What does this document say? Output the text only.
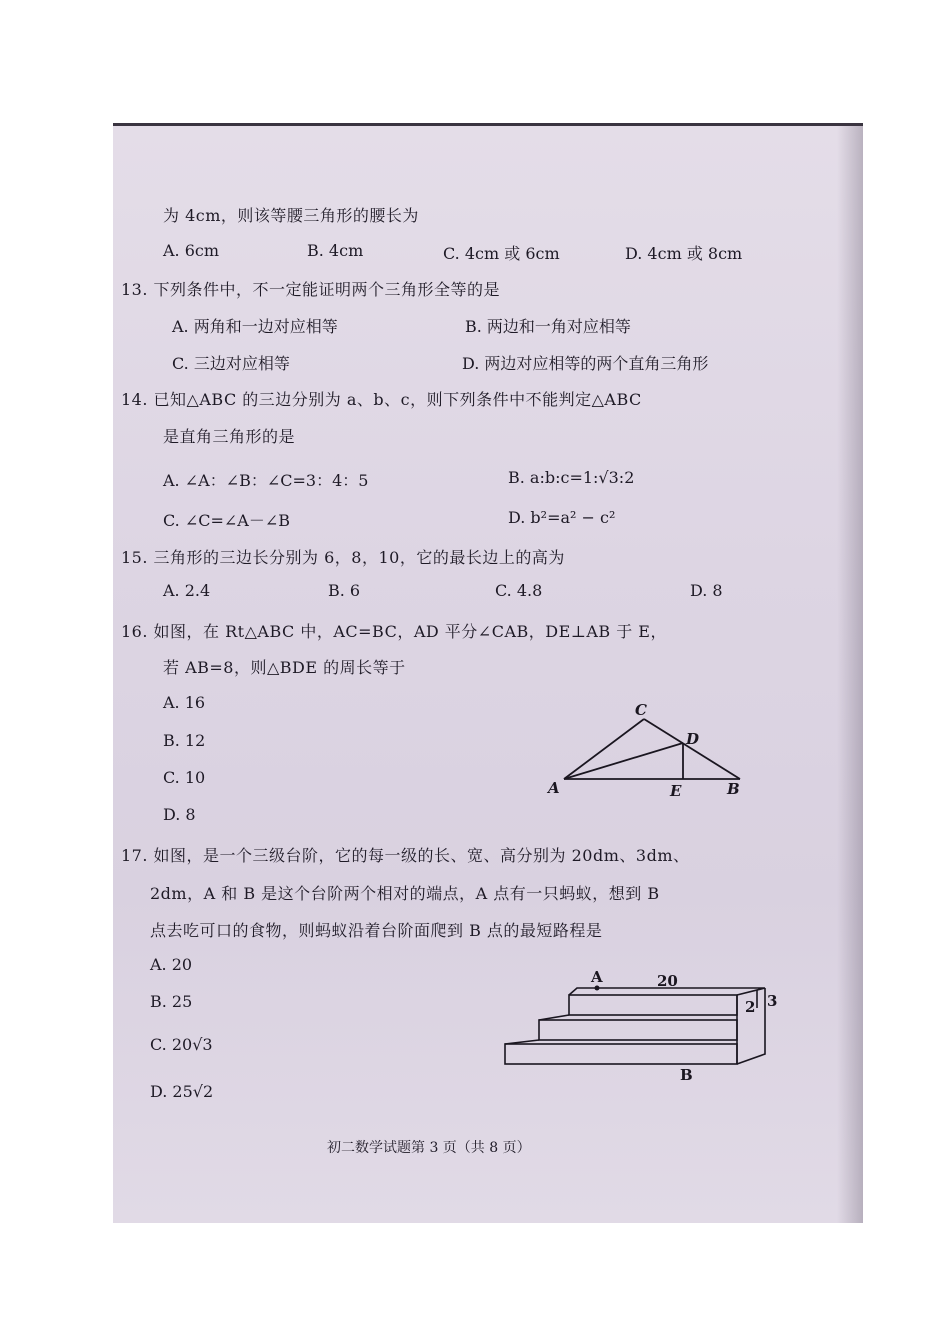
为 4cm，则该等腰三角形的腰长为
A. 6cm	B. 4cm	C. 4cm 或 6cm	D. 4cm 或 8cm
13. 下列条件中，不一定能证明两个三角形全等的是
A. 两角和一边对应相等	B. 两边和一角对应相等
C. 三边对应相等	D. 两边对应相等的两个直角三角形
14. 已知△ABC 的三边分别为 a、b、c，则下列条件中不能判定△ABC
是直角三角形的是
A. ∠A：∠B：∠C=3：4：5	B. a:b:c=1:√3:2
C. ∠C=∠A－∠B	D. b²=a² − c²
15. 三角形的三边长分别为 6，8，10，它的最长边上的高为
A. 2.4	B. 6	C. 4.8	D. 8
16. 如图，在 Rt△ABC 中，AC=BC，AD 平分∠CAB，DE⊥AB 于 E，
若 AB=8，则△BDE 的周长等于
A. 16
B. 12
C. 10
D. 8
A	B
C
D
E
17. 如图，是一个三级台阶，它的每一级的长、宽、高分别为 20dm、3dm、
2dm，A 和 B 是这个台阶两个相对的端点，A 点有一只蚂蚁，想到 B
点去吃可口的食物，则蚂蚁沿着台阶面爬到 B 点的最短路程是
A. 20
B. 25
C. 20√3
D. 25√2
A	20
2 3
B
初二数学试题第 3 页（共 8 页）
